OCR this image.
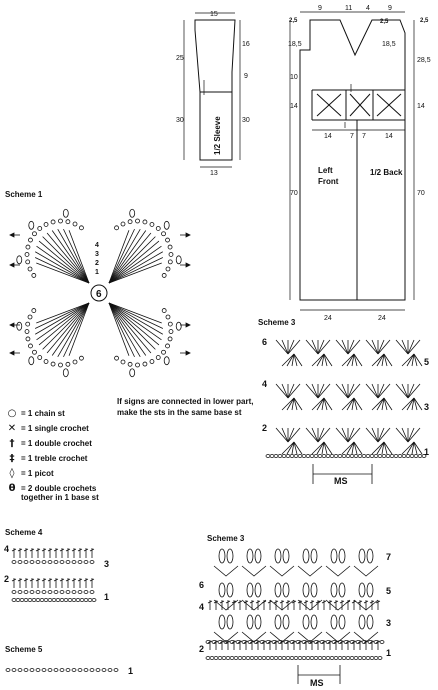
15
16
9
30
25
30
13
1/2 Sleeve
9	11 4	9
2,5
18,5
10
14
70
2,5
18,5
2,5
28,5
14
70
14	7 7	14
24	24
6
4
3
2
1
6
4
2
5
3
1
MS
4
2
3
1
6
4
2
7
5
3
1
MS
1
Left Front
1/2 Back
Scheme 1
Scheme 3
Scheme 4
Scheme 3
Scheme 5
If signs are connected in lower part, make the sts in the same base st
○ = 1 chain st
✕ = 1 single crochet
† = 1 double crochet
‡ = 1 treble crochet
◊ = 1 picot
θ = 2 double crochets
together in 1 base st
